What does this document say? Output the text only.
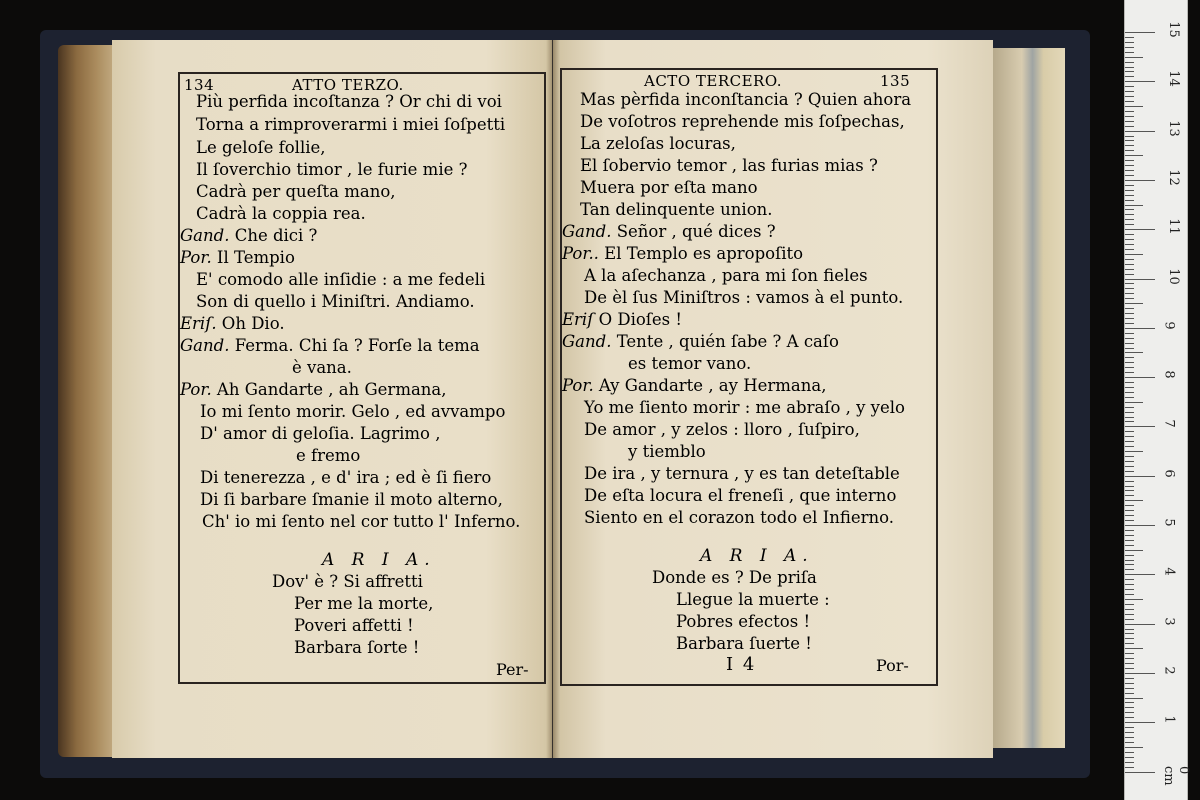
134	ATTO TERZO.
Più perfida incoſtanza ? Or chi di voi
Torna a rimproverarmi i miei ſoſpetti
Le geloſe follie,
Il ſoverchio timor , le furie mie ?
Cadrà per queſta mano,
Cadrà la coppia rea.
Gand. Che dici ?
Por. Il Tempio
E' comodo alle inſidie : a me fedeli
Son di quello i Miniſtri. Andiamo.
Eriſ. Oh Dio.
Gand. Ferma. Chi ſa ? Forſe la tema
è vana.
Por. Ah Gandarte , ah Germana,
Io mi ſento morir. Gelo , ed avvampo
D' amor di geloſia. Lagrimo ,
e fremo
Di tenerezza , e d' ira ; ed è ſi fiero
Di ſi barbare ſmanie il moto alterno,
Ch' io mi ſento nel cor tutto l' Inferno.
A R I A.
Dov' è ? Si affretti
Per me la morte,
Poveri affetti !
Barbara ſorte !
Per-
ACTO TERCERO.	135
Mas pèrfida inconſtancia ? Quien ahora
De voſotros reprehende mis ſoſpechas,
La zeloſas locuras,
El ſobervio temor , las furias mias ?
Muera por eſta mano
Tan delinquente union.
Gand. Señor , qué dices ?
Por.. El Templo es apropoſito
A la aſechanza , para mi ſon fieles
De èl ſus Miniſtros : vamos à el punto.
Eriſ O Dioſes !
Gand. Tente , quién ſabe ? A caſo
es temor vano.
Por. Ay Gandarte , ay Hermana,
Yo me ſiento morir : me abraſo , y yelo
De amor , y zelos : lloro , ſuſpiro,
y tiemblo
De ira , y ternura , y es tan deteſtable
De eſta locura el freneſi , que interno
Siento en el corazon todo el Infierno.
A R I A.
Donde es ? De priſa
Llegue la muerte :
Pobres efectos !
Barbara ſuerte !
I 4	Por-
15
14
13
12
11
10
9
8
7
6
5
4
3
2
1
0 cm
